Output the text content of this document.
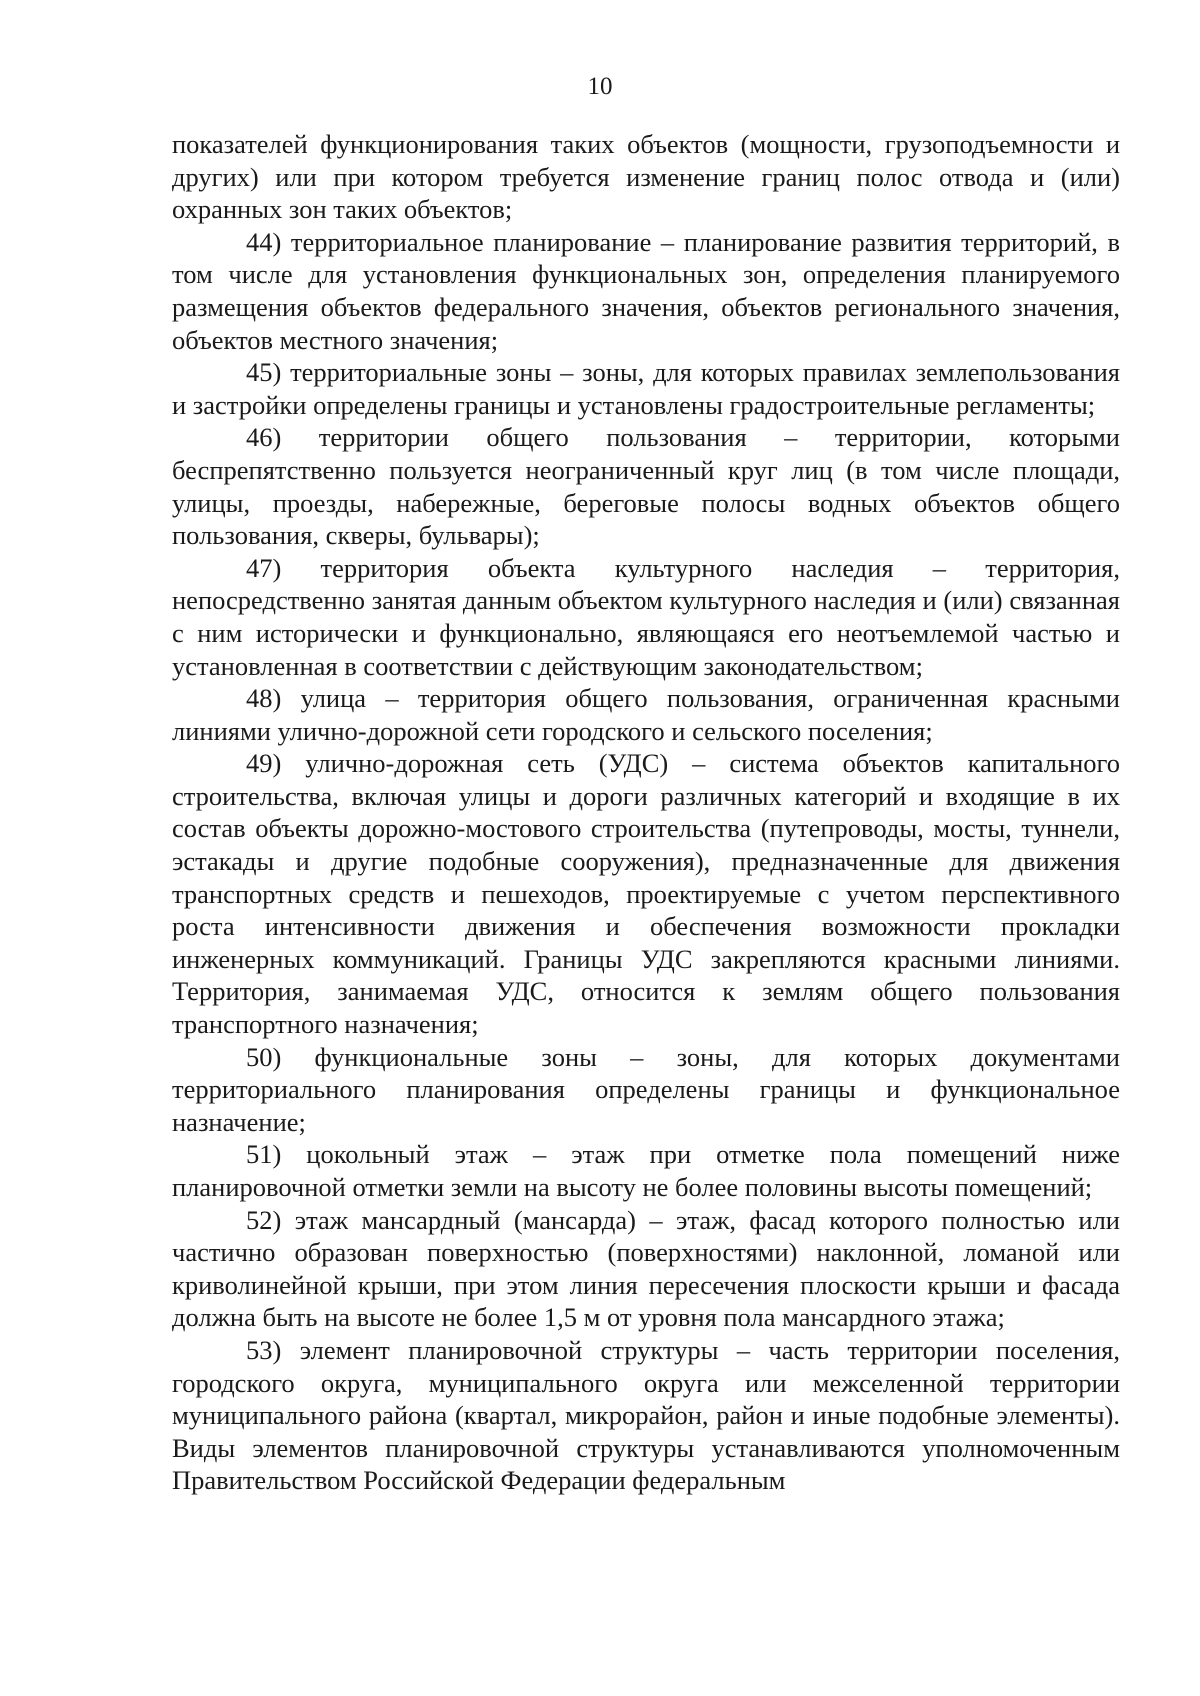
10

показателей функционирования таких объектов (мощности, грузоподъемности и других) или при котором требуется изменение границ полос отвода и (или) охранных зон таких объектов;

44) территориальное планирование – планирование развития территорий, в том числе для установления функциональных зон, определения планируемого размещения объектов федерального значения, объектов регионального значения, объектов местного значения;

45) территориальные зоны – зоны, для которых правилах землепользования и застройки определены границы и установлены градостроительные регламенты;

46) территории общего пользования – территории, которыми беспрепятственно пользуется неограниченный круг лиц (в том числе площади, улицы, проезды, набережные, береговые полосы водных объектов общего пользования, скверы, бульвары);

47) территория объекта культурного наследия – территория, непосредственно занятая данным объектом культурного наследия и (или) связанная с ним исторически и функционально, являющаяся его неотъемлемой частью и установленная в соответствии с действующим законодательством;

48) улица – территория общего пользования, ограниченная красными линиями улично-дорожной сети городского и сельского поселения;

49) улично-дорожная сеть (УДС) – система объектов капитального строительства, включая улицы и дороги различных категорий и входящие в их состав объекты дорожно-мостового строительства (путепроводы, мосты, туннели, эстакады и другие подобные сооружения), предназначенные для движения транспортных средств и пешеходов, проектируемые с учетом перспективного роста интенсивности движения и обеспечения возможности прокладки инженерных коммуникаций. Границы УДС закрепляются красными линиями. Территория, занимаемая УДС, относится к землям общего пользования транспортного назначения;

50) функциональные зоны – зоны, для которых документами территориального планирования определены границы и функциональное назначение;

51) цокольный этаж – этаж при отметке пола помещений ниже планировочной отметки земли на высоту не более половины высоты помещений;

52) этаж мансардный (мансарда) – этаж, фасад которого полностью или частично образован поверхностью (поверхностями) наклонной, ломаной или криволинейной крыши, при этом линия пересечения плоскости крыши и фасада должна быть на высоте не более 1,5 м от уровня пола мансардного этажа;

53) элемент планировочной структуры – часть территории поселения, городского округа, муниципального округа или межселенной территории муниципального района (квартал, микрорайон, район и иные подобные элементы). Виды элементов планировочной структуры устанавливаются уполномоченным Правительством Российской Федерации федеральным
